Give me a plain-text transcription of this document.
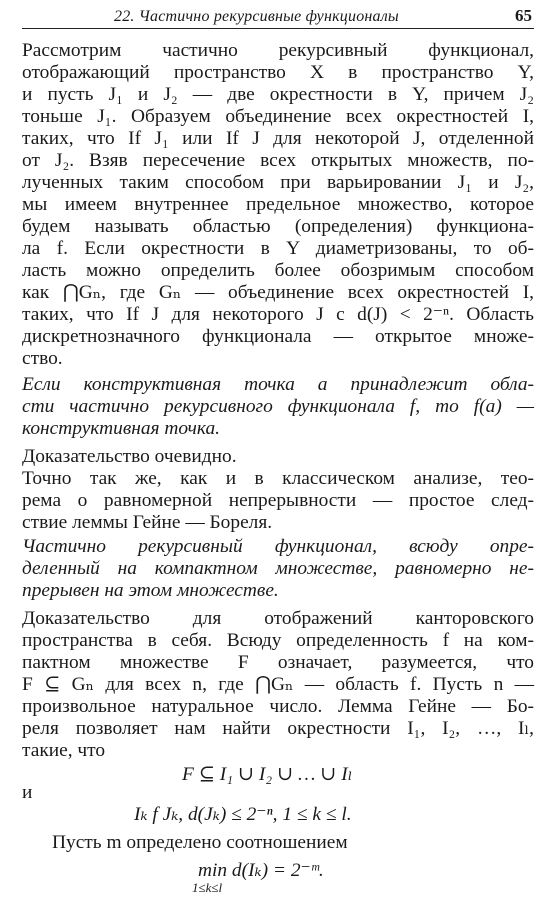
22. Частично рекурсивные функционалы	65
Рассмотрим частично рекурсивный функционал,
отображающий пространство X в пространство Y,
и пусть J₁ и J₂ — две окрестности в Y, причем J₂
тоньше J₁. Образуем объединение всех окрестностей I,
таких, что If J₁ или If J для некоторой J, отделенной
от J₂. Взяв пересечение всех открытых множеств, по-
лученных таким способом при варьировании J₁ и J₂,
мы имеем внутреннее предельное множество, которое
будем называть областью (определения) функциона-
ла f. Если окрестности в Y диаметризованы, то об-
ласть можно определить более обозримым способом
как ⋂Gₙ, где Gₙ — объединение всех окрестностей I,
таких, что If J для некоторого J с d(J) < 2⁻ⁿ. Область
дискретнозначного функционала — открытое множе-
ство.
Если конструктивная точка a принадлежит обла-
сти частично рекурсивного функционала f, то f(a) —
конструктивная точка.
Доказательство очевидно.
Точно так же, как и в классическом анализе, тео-
рема о равномерной непрерывности — простое след-
ствие леммы Гейне — Бореля.
Частично рекурсивный функционал, всюду опре-
деленный на компактном множестве, равномерно не-
прерывен на этом множестве.
Доказательство для отображений канторовского
пространства в себя. Всюду определенность f на ком-
пактном множестве F означает, разумеется, что
F ⊆ Gₙ для всех n, где ⋂Gₙ — область f. Пусть n —
произвольное натуральное число. Лемма Гейне — Бо-
реля позволяет нам найти окрестности I₁, I₂, …, Iₗ,
такие, что
F ⊆ I₁ ∪ I₂ ∪ … ∪ Iₗ
и
Iₖ f Jₖ, d(Jₖ) ≤ 2⁻ⁿ, 1 ≤ k ≤ l.
Пусть m определено соотношением
min d(Iₖ) = 2⁻ᵐ.
1≤k≤l
